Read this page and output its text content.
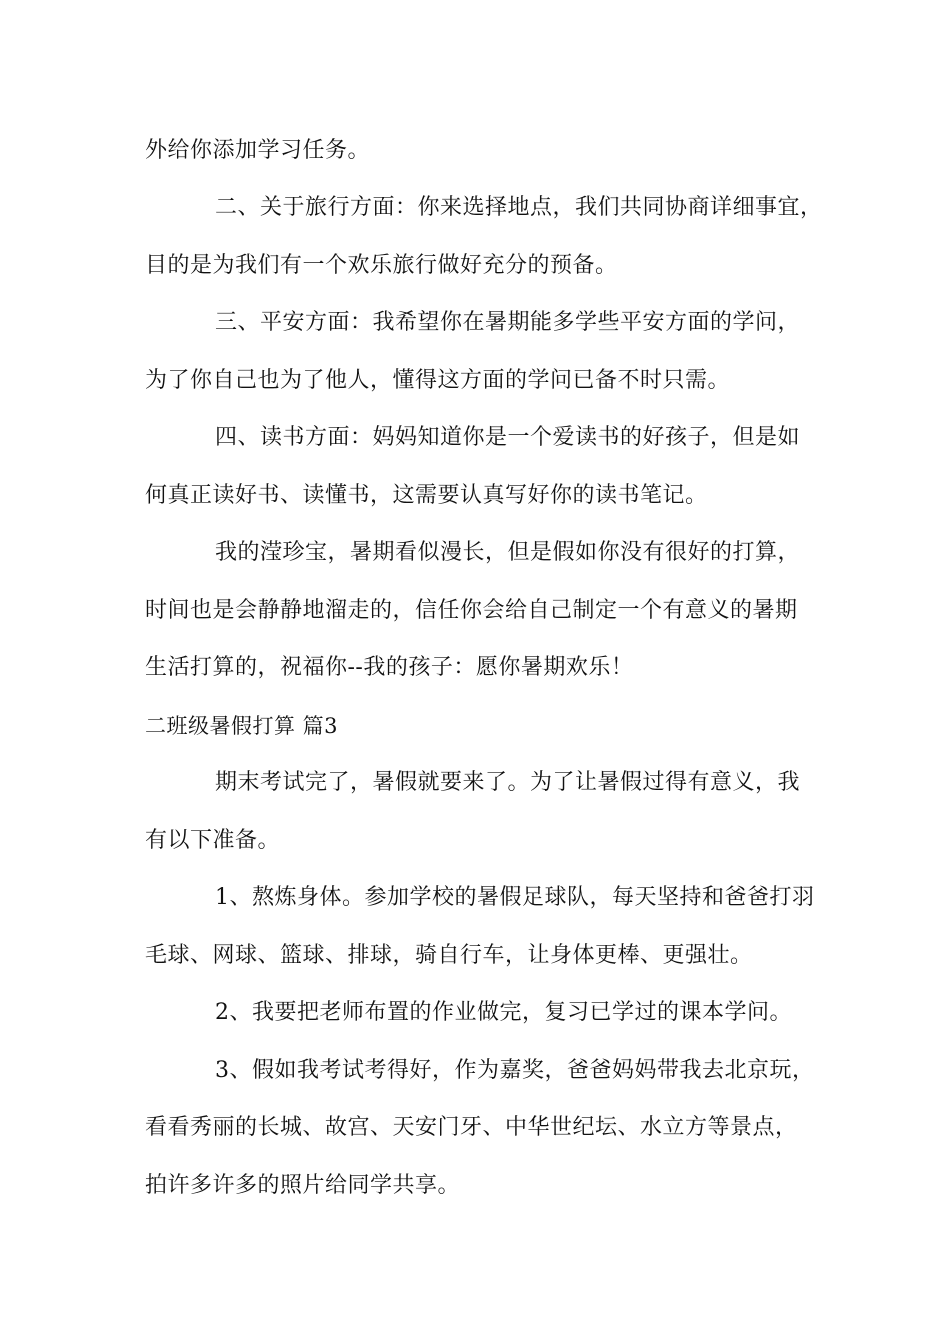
外给你添加学习任务。
二、关于旅行方面：你来选择地点，我们共同协商详细事宜，
目的是为我们有一个欢乐旅行做好充分的预备。
三、平安方面：我希望你在暑期能多学些平安方面的学问，
为了你自己也为了他人，懂得这方面的学问已备不时只需。
四、读书方面：妈妈知道你是一个爱读书的好孩子，但是如
何真正读好书、读懂书，这需要认真写好你的读书笔记。
我的滢珍宝，暑期看似漫长，但是假如你没有很好的打算，
时间也是会静静地溜走的，信任你会给自己制定一个有意义的暑期
生活打算的，祝福你--我的孩子：愿你暑期欢乐！
二班级暑假打算 篇3
期末考试完了，暑假就要来了。为了让暑假过得有意义，我
有以下准备。
1、熬炼身体。参加学校的暑假足球队，每天坚持和爸爸打羽
毛球、网球、篮球、排球，骑自行车，让身体更棒、更强壮。
2、我要把老师布置的作业做完，复习已学过的课本学问。
3、假如我考试考得好，作为嘉奖，爸爸妈妈带我去北京玩，
看看秀丽的长城、故宫、天安门牙、中华世纪坛、水立方等景点，
拍许多许多的照片给同学共享。
